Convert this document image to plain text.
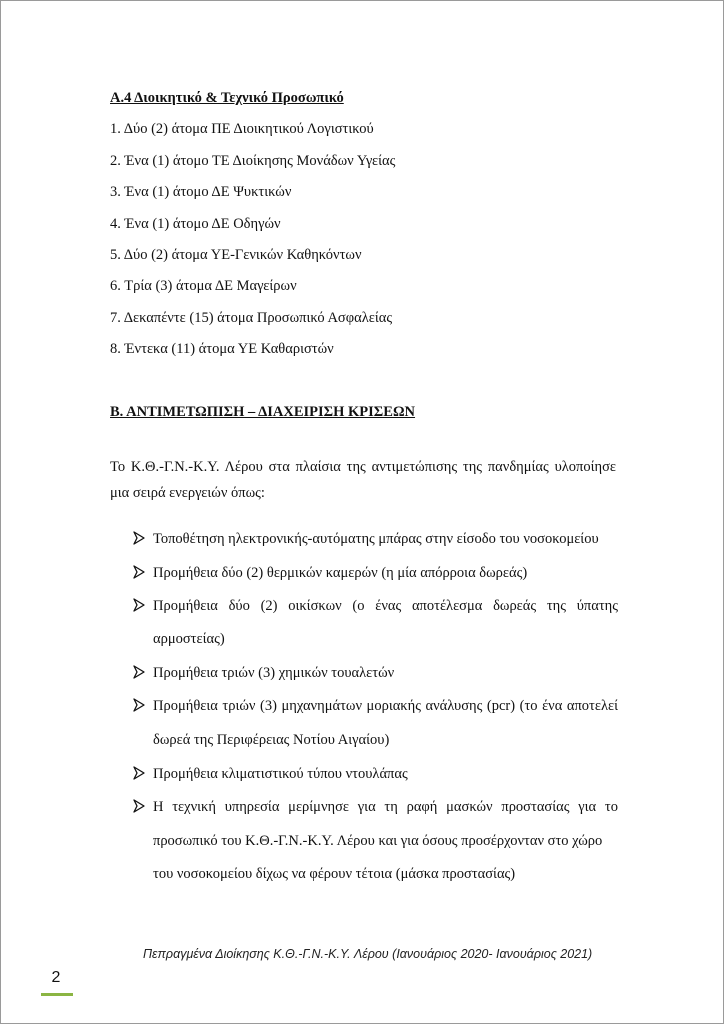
Α.4 Διοικητικό & Τεχνικό Προσωπικό
1. Δύο (2) άτομα ΠΕ Διοικητικού Λογιστικού
2. Ένα (1) άτομο ΤΕ Διοίκησης Μονάδων Υγείας
3. Ένα (1) άτομο ΔΕ Ψυκτικών
4. Ένα (1) άτομο ΔΕ Οδηγών
5. Δύο (2) άτομα ΥΕ-Γενικών Καθηκόντων
6. Τρία (3) άτομα ΔΕ Μαγείρων
7. Δεκαπέντε (15) άτομα Προσωπικό Ασφαλείας
8. Έντεκα (11) άτομα ΥΕ Καθαριστών
Β. ΑΝΤΙΜΕΤΩΠΙΣΗ – ΔΙΑΧΕΙΡΙΣΗ ΚΡΙΣΕΩΝ
Το Κ.Θ.-Γ.Ν.-Κ.Υ. Λέρου στα πλαίσια της αντιμετώπισης της πανδημίας υλοποίησε
μια σειρά ενεργειών όπως:
Τοποθέτηση ηλεκτρονικής-αυτόματης μπάρας στην είσοδο του νοσοκομείου
Προμήθεια δύο (2) θερμικών καμερών (η μία απόρροια δωρεάς)
Προμήθεια δύο (2) οικίσκων (ο ένας αποτέλεσμα δωρεάς της ύπατης
αρμοστείας)
Προμήθεια τριών (3) χημικών τουαλετών
Προμήθεια τριών (3) μηχανημάτων μοριακής ανάλυσης (pcr) (το ένα αποτελεί
δωρεά της Περιφέρειας Νοτίου Αιγαίου)
Προμήθεια κλιματιστικού τύπου ντουλάπας
Η τεχνική υπηρεσία μερίμνησε για τη ραφή μασκών προστασίας για το
προσωπικό του Κ.Θ.-Γ.Ν.-Κ.Υ. Λέρου και για όσους προσέρχονταν στο χώρο
του νοσοκομείου δίχως να φέρουν τέτοια (μάσκα προστασίας)
Πεπραγμένα Διοίκησης Κ.Θ.-Γ.Ν.-Κ.Υ. Λέρου (Ιανουάριος 2020- Ιανουάριος 2021)
2
